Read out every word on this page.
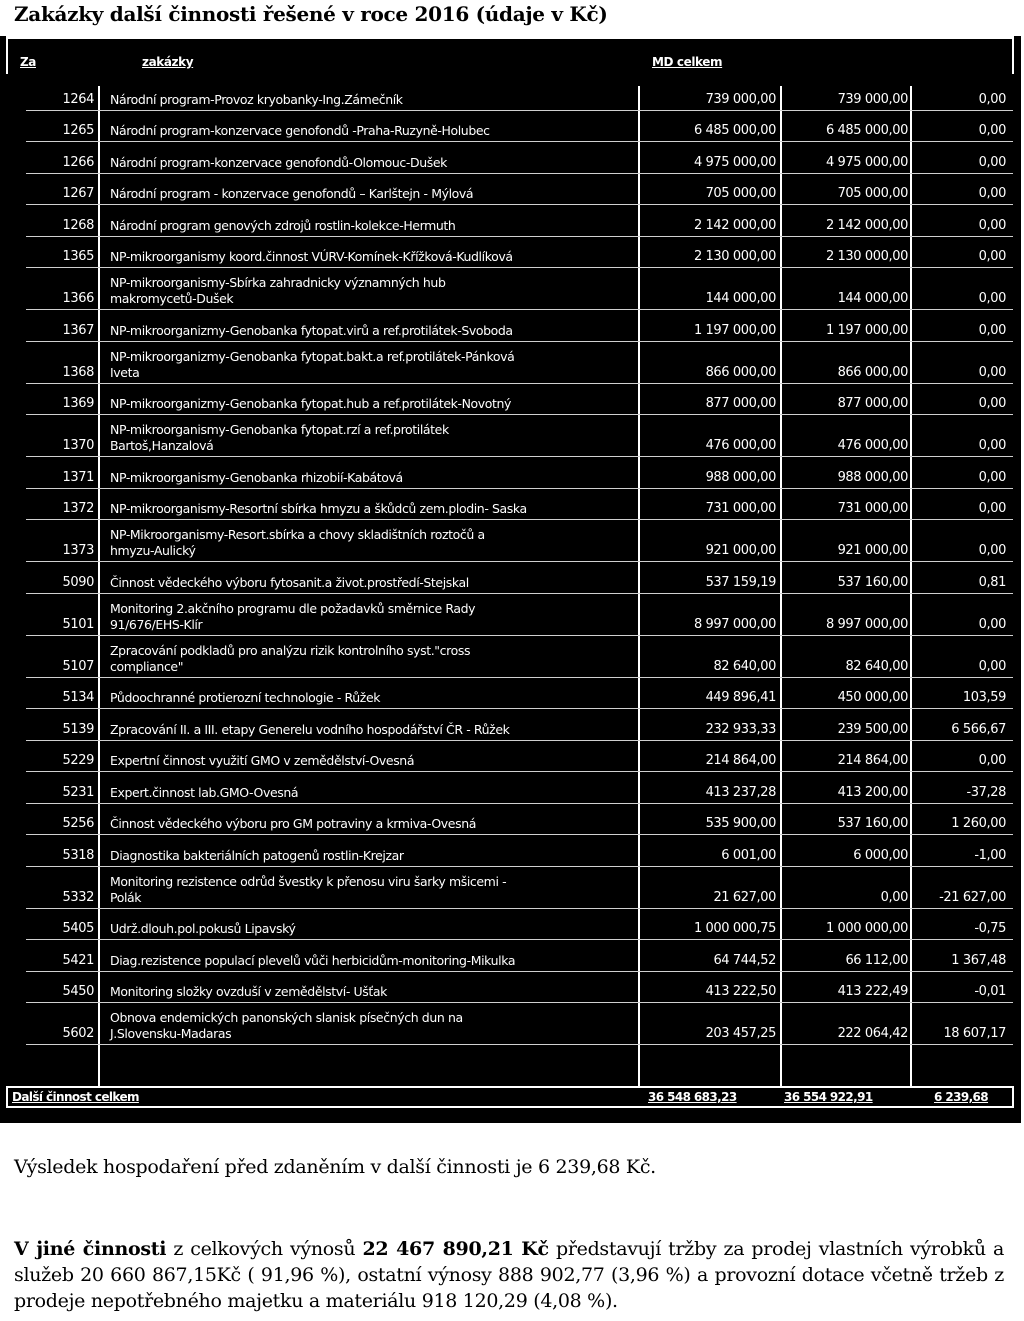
Zakázky další činnosti řešené v roce 2016 (údaje v Kč)
Za	zakázky	MD celkem
1264 Národní program-Provoz kryobanky-Ing.Zámečník	739 000,00	739 000,00	0,00
1265 Národní program-konzervace genofondů -Praha-Ruzyně-Holubec	6 485 000,00	6 485 000,00	0,00
1266 Národní program-konzervace genofondů-Olomouc-Dušek	4 975 000,00	4 975 000,00	0,00
1267 Národní program - konzervace genofondů – Karlštejn - Mýlová	705 000,00	705 000,00	0,00
1268 Národní program genových zdrojů rostlin-kolekce-Hermuth	2 142 000,00	2 142 000,00	0,00
1365 NP-mikroorganismy koord.činnost VÚRV-Komínek-Křížková-Kudlíková	2 130 000,00	2 130 000,00	0,00
1366
NP-mikroorganismy-Sbírka zahradnicky významných hub
makromycetů-Dušek	144 000,00	144 000,00	0,00
1367 NP-mikroorganizmy-Genobanka fytopat.virů a ref.protilátek-Svoboda	1 197 000,00	1 197 000,00	0,00
1368
NP-mikroorganizmy-Genobanka fytopat.bakt.a ref.protilátek-Pánková
Iveta	866 000,00	866 000,00	0,00
1369 NP-mikroorganizmy-Genobanka fytopat.hub a ref.protilátek-Novotný	877 000,00	877 000,00	0,00
1370
NP-mikroorganismy-Genobanka fytopat.rzí a ref.protilátek
Bartoš,Hanzalová	476 000,00	476 000,00	0,00
1371 NP-mikroorganismy-Genobanka rhizobií-Kabátová	988 000,00	988 000,00	0,00
1372 NP-mikroorganismy-Resortní sbírka hmyzu a škůdců zem.plodin- Saska	731 000,00	731 000,00	0,00
1373
NP-Mikroorganismy-Resort.sbírka a chovy skladištních roztočů a
hmyzu-Aulický	921 000,00	921 000,00	0,00
5090 Činnost vědeckého výboru fytosanit.a život.prostředí-Stejskal	537 159,19	537 160,00	0,81
5101
Monitoring 2.akčního programu dle požadavků směrnice Rady
91/676/EHS-Klír	8 997 000,00	8 997 000,00	0,00
5107
Zpracování podkladů pro analýzu rizik kontrolního syst."cross
compliance"	82 640,00	82 640,00	0,00
5134 Půdoochranné protierozní technologie - Růžek	449 896,41	450 000,00	103,59
5139 Zpracování II. a III. etapy Generelu vodního hospodářství ČR - Růžek	232 933,33	239 500,00	6 566,67
5229 Expertní činnost využití GMO v zemědělství-Ovesná	214 864,00	214 864,00	0,00
5231 Expert.činnost lab.GMO-Ovesná	413 237,28	413 200,00	-37,28
5256 Činnost vědeckého výboru pro GM potraviny a krmiva-Ovesná	535 900,00	537 160,00	1 260,00
5318 Diagnostika bakteriálních patogenů rostlin-Krejzar	6 001,00	6 000,00	-1,00
5332
Monitoring rezistence odrůd švestky k přenosu viru šarky mšicemi -
Polák	21 627,00	0,00	-21 627,00
5405 Udrž.dlouh.pol.pokusů Lipavský	1 000 000,75	1 000 000,00	-0,75
5421 Diag.rezistence populací plevelů vůči herbicidům-monitoring-Mikulka	64 744,52	66 112,00	1 367,48
5450 Monitoring složky ovzduší v zemědělství- Ušťak	413 222,50	413 222,49	-0,01
5602
Obnova endemických panonských slanisk písečných dun na
J.Slovensku-Madaras	203 457,25	222 064,42	18 607,17
Další činnost celkem	36 548 683,23	36 554 922,91	6 239,68
Výsledek hospodaření před zdaněním v další činnosti je 6 239,68 Kč.
V jiné činnosti z celkových výnosů 22 467 890,21 Kč představují tržby za prodej vlastních výrobků a služeb 20 660 867,15Kč ( 91,96 %), ostatní výnosy 888 902,77 (3,96 %) a provozní dotace včetně tržeb z prodeje nepotřebného majetku a materiálu 918 120,29 (4,08 %).
